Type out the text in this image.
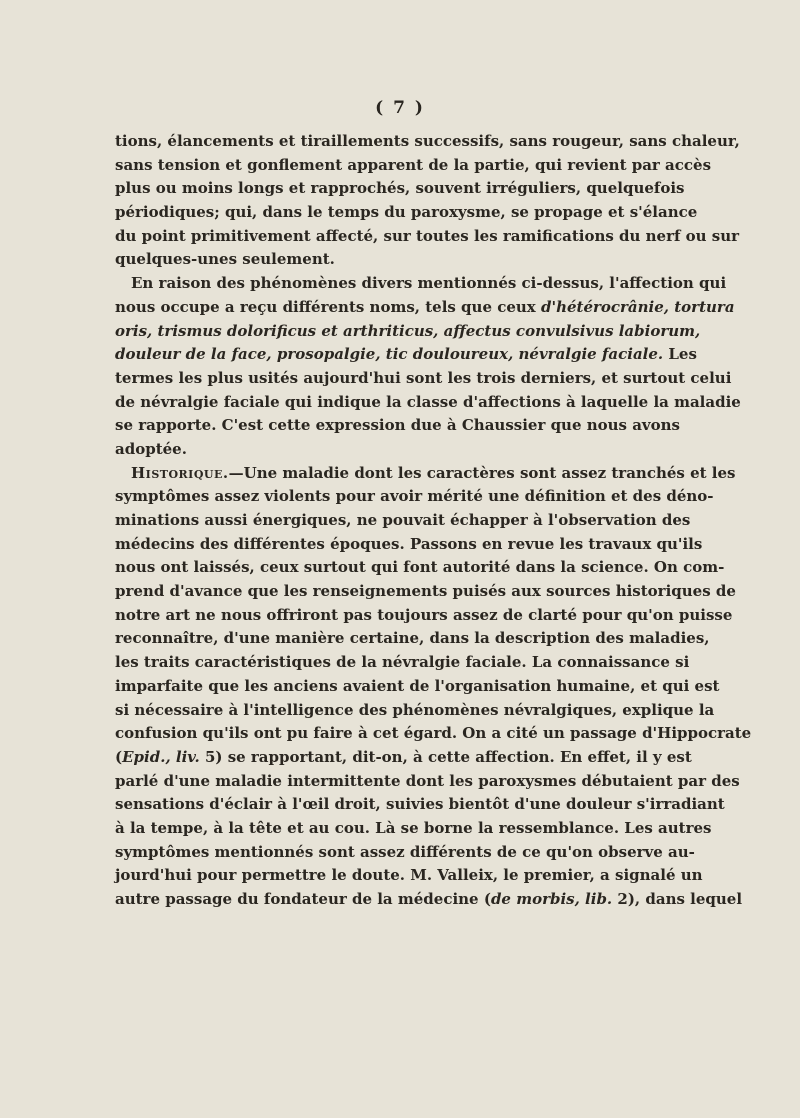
( 7 )
tions, élancements et tiraillements successifs, sans rougeur, sans chaleur,
sans tension et gonflement apparent de la partie, qui revient par accès
plus ou moins longs et rapprochés, souvent irréguliers, quelquefois
périodiques; qui, dans le temps du paroxysme, se propage et s'élance
du point primitivement affecté, sur toutes les ramifications du nerf ou sur
quelques-unes seulement.
En raison des phénomènes divers mentionnés ci-dessus, l'affection qui
nous occupe a reçu différents noms, tels que ceux d'hétérocrânie, tortura
oris, trismus dolorificus et arthriticus, affectus convulsivus labiorum,
douleur de la face, prosopalgie, tic douloureux, névralgie faciale. Les
termes les plus usités aujourd'hui sont les trois derniers, et surtout celui
de névralgie faciale qui indique la classe d'affections à laquelle la maladie
se rapporte. C'est cette expression due à Chaussier que nous avons
adoptée.
Historique.—Une maladie dont les caractères sont assez tranchés et les
symptômes assez violents pour avoir mérité une définition et des déno-
minations aussi énergiques, ne pouvait échapper à l'observation des
médecins des différentes époques. Passons en revue les travaux qu'ils
nous ont laissés, ceux surtout qui font autorité dans la science. On com-
prend d'avance que les renseignements puisés aux sources historiques de
notre art ne nous offriront pas toujours assez de clarté pour qu'on puisse
reconnaître, d'une manière certaine, dans la description des maladies,
les traits caractéristiques de la névralgie faciale. La connaissance si
imparfaite que les anciens avaient de l'organisation humaine, et qui est
si nécessaire à l'intelligence des phénomènes névralgiques, explique la
confusion qu'ils ont pu faire à cet égard. On a cité un passage d'Hippocrate
(Epid., liv. 5) se rapportant, dit-on, à cette affection. En effet, il y est
parlé d'une maladie intermittente dont les paroxysmes débutaient par des
sensations d'éclair à l'œil droit, suivies bientôt d'une douleur s'irradiant
à la tempe, à la tête et au cou. Là se borne la ressemblance. Les autres
symptômes mentionnés sont assez différents de ce qu'on observe au-
jourd'hui pour permettre le doute. M. Valleix, le premier, a signalé un
autre passage du fondateur de la médecine (de morbis, lib. 2), dans lequel
